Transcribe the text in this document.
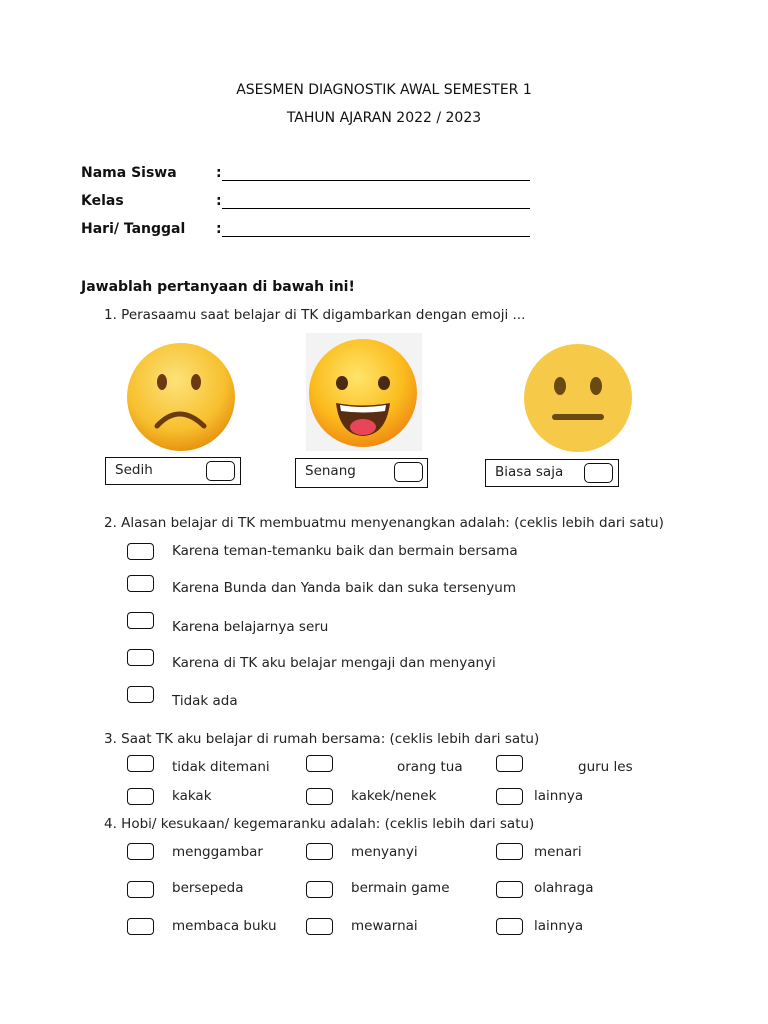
ASESMEN DIAGNOSTIK AWAL SEMESTER 1
TAHUN AJARAN 2022 / 2023
Nama Siswa	:
Kelas	:
Hari/ Tanggal :
Jawablah pertanyaan di bawah ini!
1. Perasaamu saat belajar di TK digambarkan dengan emoji ...
Sedih	Senang	Biasa saja
2. Alasan belajar di TK membuatmu menyenangkan adalah: (ceklis lebih dari satu)
Karena teman-temanku baik dan bermain bersama
Karena Bunda dan Yanda baik dan suka tersenyum
Karena belajarnya seru
Karena di TK aku belajar mengaji dan menyanyi
Tidak ada
3. Saat TK aku belajar di rumah bersama: (ceklis lebih dari satu)
tidak ditemani	orang tua	guru les
kakak	kakek/nenek	lainnya
4. Hobi/ kesukaan/ kegemaranku adalah: (ceklis lebih dari satu)
menggambar	menyanyi	menari
bersepeda	bermain game	olahraga
membaca buku	mewarnai	lainnya
